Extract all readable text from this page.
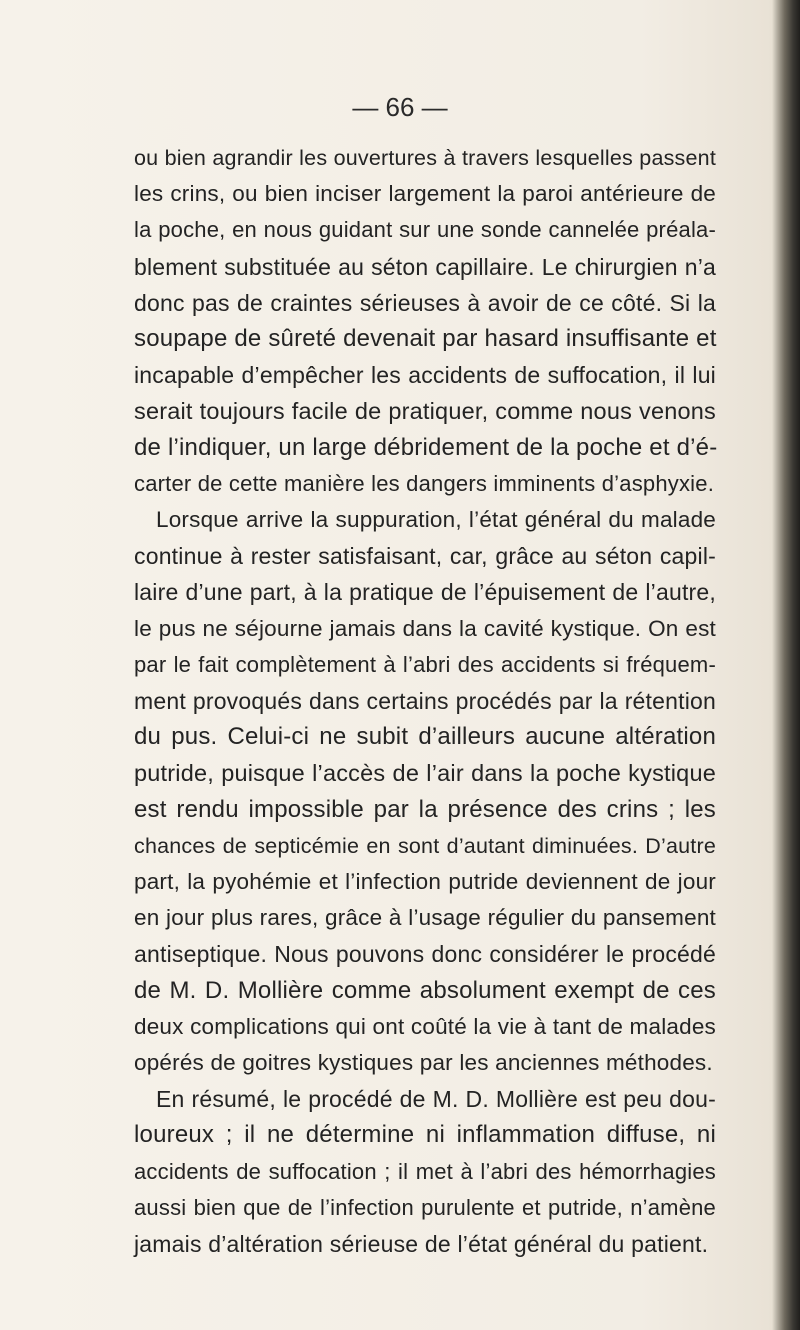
— 66 —
ou bien agrandir les ouvertures à travers lesquelles passent
les crins, ou bien inciser largement la paroi antérieure de
la poche, en nous guidant sur une sonde cannelée préala-
blement substituée au séton capillaire. Le chirurgien n’a
donc pas de craintes sérieuses à avoir de ce côté. Si la
soupape de sûreté devenait par hasard insuffisante et
incapable d’empêcher les accidents de suffocation, il lui
serait toujours facile de pratiquer, comme nous venons
de l’indiquer, un large débridement de la poche et d’é-
carter de cette manière les dangers imminents d’asphyxie.
Lorsque arrive la suppuration, l’état général du malade
continue à rester satisfaisant, car, grâce au séton capil-
laire d’une part, à la pratique de l’épuisement de l’autre,
le pus ne séjourne jamais dans la cavité kystique. On est
par le fait complètement à l’abri des accidents si fréquem-
ment provoqués dans certains procédés par la rétention
du pus. Celui-ci ne subit d’ailleurs aucune altération
putride, puisque l’accès de l’air dans la poche kystique
est rendu impossible par la présence des crins ; les
chances de septicémie en sont d’autant diminuées. D’autre
part, la pyohémie et l’infection putride deviennent de jour
en jour plus rares, grâce à l’usage régulier du pansement
antiseptique. Nous pouvons donc considérer le procédé
de M. D. Mollière comme absolument exempt de ces
deux complications qui ont coûté la vie à tant de malades
opérés de goitres kystiques par les anciennes méthodes.
En résumé, le procédé de M. D. Mollière est peu dou-
loureux ; il ne détermine ni inflammation diffuse, ni
accidents de suffocation ; il met à l’abri des hémorrhagies
aussi bien que de l’infection purulente et putride, n’amène
jamais d’altération sérieuse de l’état général du patient.
